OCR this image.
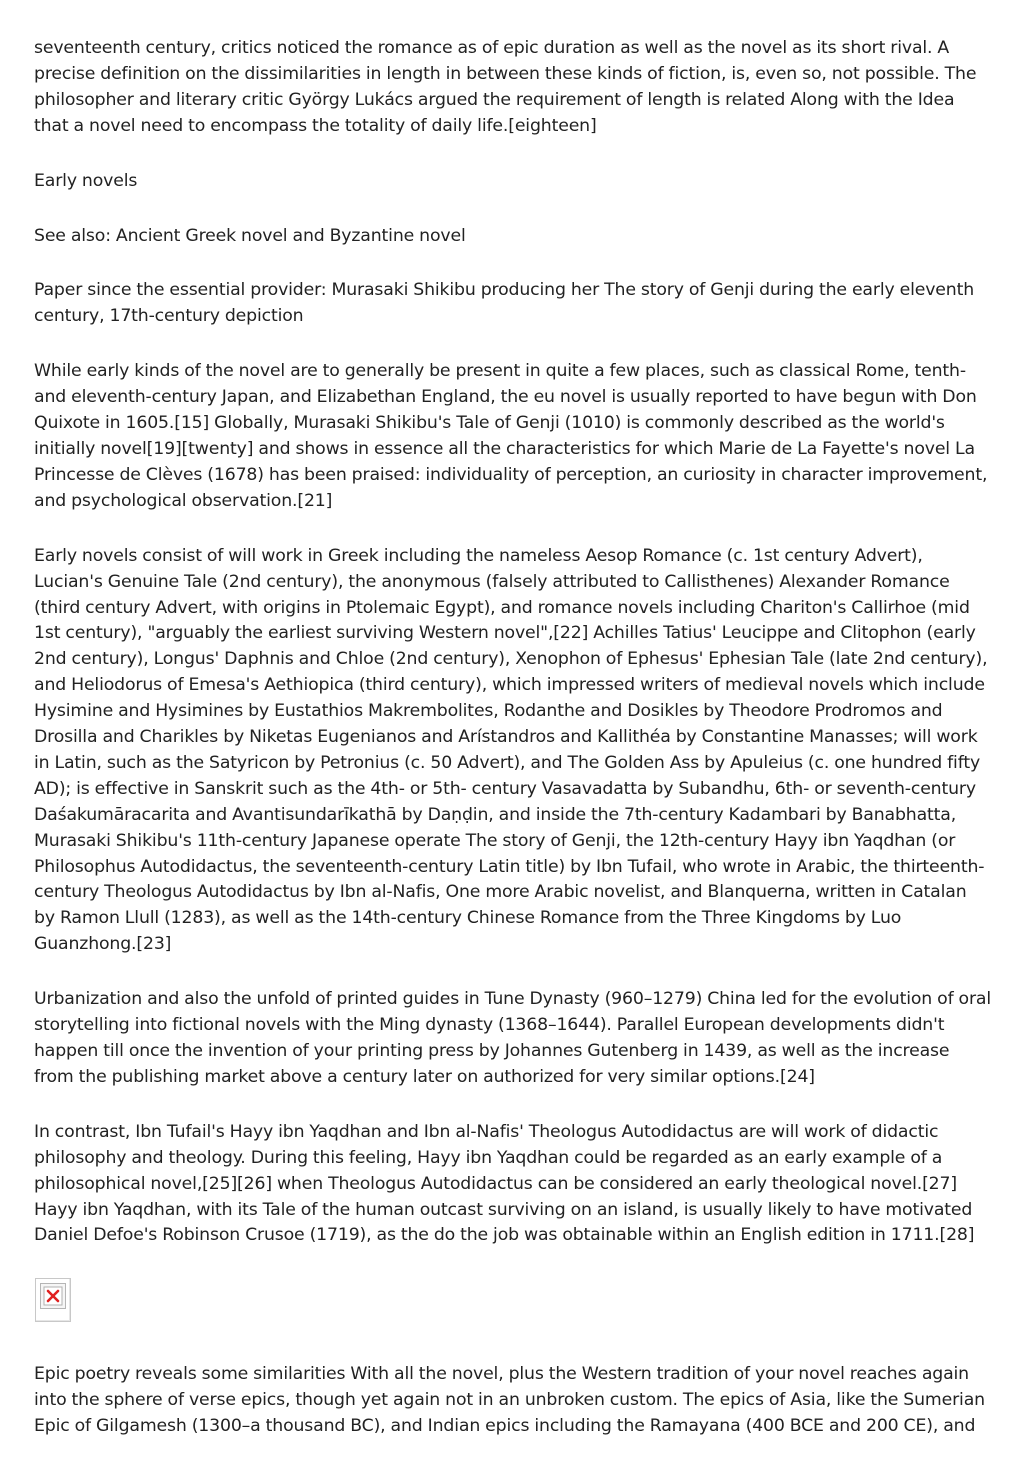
seventeenth century, critics noticed the romance as of epic duration as well as the novel as its short rival. A precise definition on the dissimilarities in length in between these kinds of fiction, is, even so, not possible. The philosopher and literary critic György Lukács argued the requirement of length is related Along with the Idea that a novel need to encompass the totality of daily life.[eighteen]

Early novels

See also: Ancient Greek novel and Byzantine novel

Paper since the essential provider: Murasaki Shikibu producing her The story of Genji during the early eleventh century, 17th-century depiction

While early kinds of the novel are to generally be present in quite a few places, such as classical Rome, tenth- and eleventh-century Japan, and Elizabethan England, the eu novel is usually reported to have begun with Don Quixote in 1605.[15] Globally, Murasaki Shikibu's Tale of Genji (1010) is commonly described as the world's initially novel[19][twenty] and shows in essence all the characteristics for which Marie de La Fayette's novel La Princesse de Clèves (1678) has been praised: individuality of perception, an curiosity in character improvement, and psychological observation.[21]

Early novels consist of will work in Greek including the nameless Aesop Romance (c. 1st century Advert), Lucian's Genuine Tale (2nd century), the anonymous (falsely attributed to Callisthenes) Alexander Romance (third century Advert, with origins in Ptolemaic Egypt), and romance novels including Chariton's Callirhoe (mid 1st century), "arguably the earliest surviving Western novel",[22] Achilles Tatius' Leucippe and Clitophon (early 2nd century), Longus' Daphnis and Chloe (2nd century), Xenophon of Ephesus' Ephesian Tale (late 2nd century), and Heliodorus of Emesa's Aethiopica (third century), which impressed writers of medieval novels which include Hysimine and Hysimines by Eustathios Makrembolites, Rodanthe and Dosikles by Theodore Prodromos and Drosilla and Charikles by Niketas Eugenianos and Arístandros and Kallithéa by Constantine Manasses; will work in Latin, such as the Satyricon by Petronius (c. 50 Advert), and The Golden Ass by Apuleius (c. one hundred fifty AD); is effective in Sanskrit such as the 4th- or 5th- century Vasavadatta by Subandhu, 6th- or seventh-century Daśakumāracarita and Avantisundarīkathā by Daṇḍin, and inside the 7th-century Kadambari by Banabhatta, Murasaki Shikibu's 11th-century Japanese operate The story of Genji, the 12th-century Hayy ibn Yaqdhan (or Philosophus Autodidactus, the seventeenth-century Latin title) by Ibn Tufail, who wrote in Arabic, the thirteenth-century Theologus Autodidactus by Ibn al-Nafis, One more Arabic novelist, and Blanquerna, written in Catalan by Ramon Llull (1283), as well as the 14th-century Chinese Romance from the Three Kingdoms by Luo Guanzhong.[23]

Urbanization and also the unfold of printed guides in Tune Dynasty (960–1279) China led for the evolution of oral storytelling into fictional novels with the Ming dynasty (1368–1644). Parallel European developments didn't happen till once the invention of your printing press by Johannes Gutenberg in 1439, as well as the increase from the publishing market above a century later on authorized for very similar options.[24]

In contrast, Ibn Tufail's Hayy ibn Yaqdhan and Ibn al-Nafis' Theologus Autodidactus are will work of didactic philosophy and theology. During this feeling, Hayy ibn Yaqdhan could be regarded as an early example of a philosophical novel,[25][26] when Theologus Autodidactus can be considered an early theological novel.[27] Hayy ibn Yaqdhan, with its Tale of the human outcast surviving on an island, is usually likely to have motivated Daniel Defoe's Robinson Crusoe (1719), as the do the job was obtainable within an English edition in 1711.[28]

Epic poetry reveals some similarities With all the novel, plus the Western tradition of your novel reaches again into the sphere of verse epics, though yet again not in an unbroken custom. The epics of Asia, like the Sumerian Epic of Gilgamesh (1300–a thousand BC), and Indian epics including the Ramayana (400 BCE and 200 CE), and
